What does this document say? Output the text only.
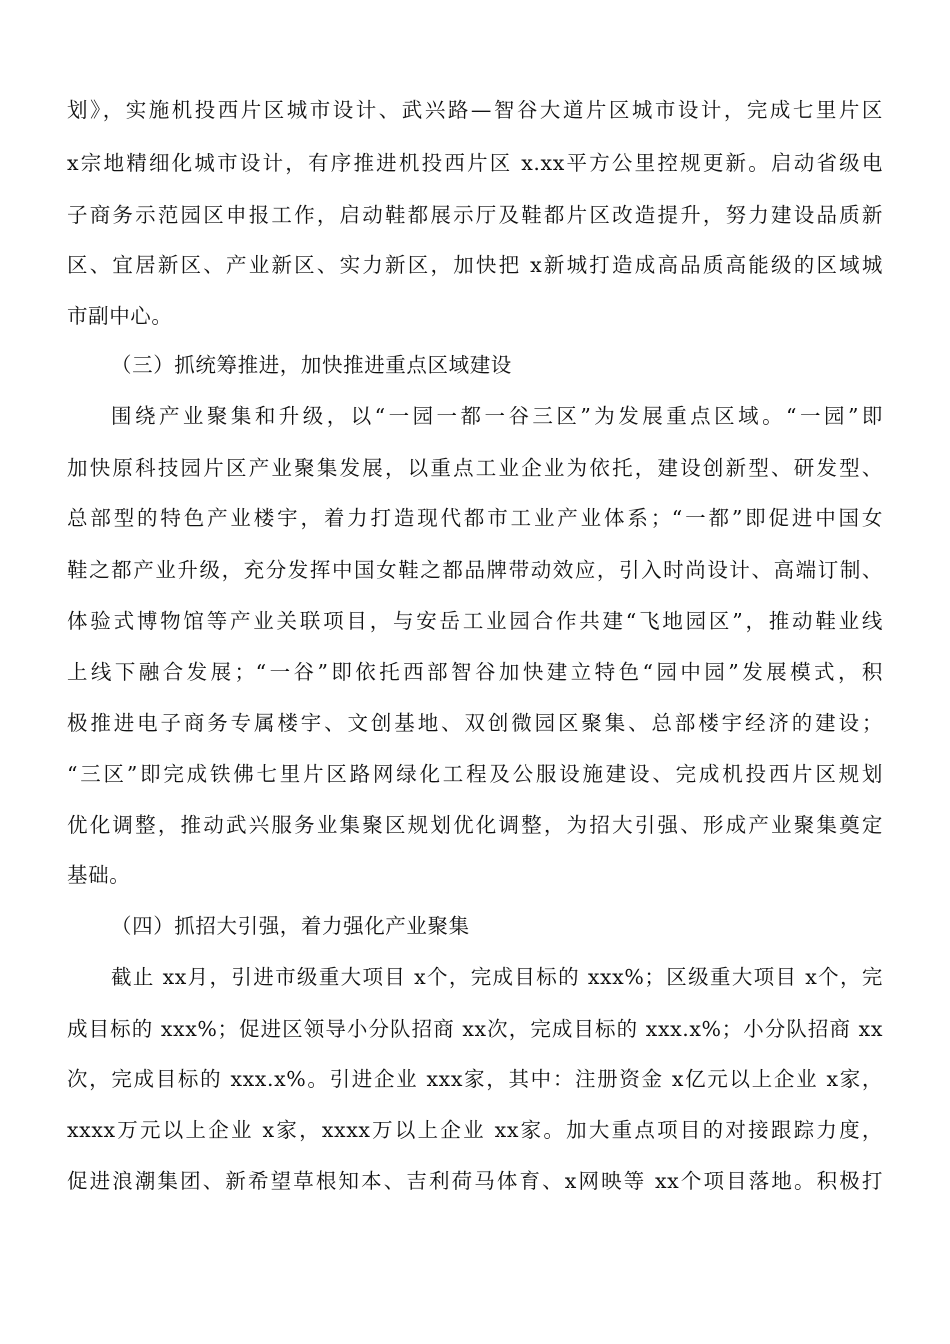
划》，实施机投西片区城市设计、武兴路—智谷大道片区城市设计，完成七里片区
x宗地精细化城市设计，有序推进机投西片区 x.xx平方公里控规更新。启动省级电
子商务示范园区申报工作，启动鞋都展示厅及鞋都片区改造提升，努力建设品质新
区、宜居新区、产业新区、实力新区，加快把 x新城打造成高品质高能级的区域城
市副中心。
（三）抓统筹推进，加快推进重点区域建设
围绕产业聚集和升级，以“一园一都一谷三区”为发展重点区域。“一园”即
加快原科技园片区产业聚集发展，以重点工业企业为依托，建设创新型、研发型、
总部型的特色产业楼宇，着力打造现代都市工业产业体系；“一都”即促进中国女
鞋之都产业升级，充分发挥中国女鞋之都品牌带动效应，引入时尚设计、高端订制、
体验式博物馆等产业关联项目，与安岳工业园合作共建“飞地园区”，推动鞋业线
上线下融合发展；“一谷”即依托西部智谷加快建立特色“园中园”发展模式，积
极推进电子商务专属楼宇、文创基地、双创微园区聚集、总部楼宇经济的建设；
“三区”即完成铁佛七里片区路网绿化工程及公服设施建设、完成机投西片区规划
优化调整，推动武兴服务业集聚区规划优化调整，为招大引强、形成产业聚集奠定
基础。
（四）抓招大引强，着力强化产业聚集
截止 xx月，引进市级重大项目 x个，完成目标的 xxx%；区级重大项目 x个，完
成目标的 xxx%；促进区领导小分队招商 xx次，完成目标的 xxx.x%；小分队招商 xx
次，完成目标的 xxx.x%。引进企业 xxx家，其中：注册资金 x亿元以上企业 x家，
xxxx万元以上企业 x家，xxxx万以上企业 xx家。加大重点项目的对接跟踪力度，
促进浪潮集团、新希望草根知本、吉利荷马体育、x网映等 xx个项目落地。积极打
